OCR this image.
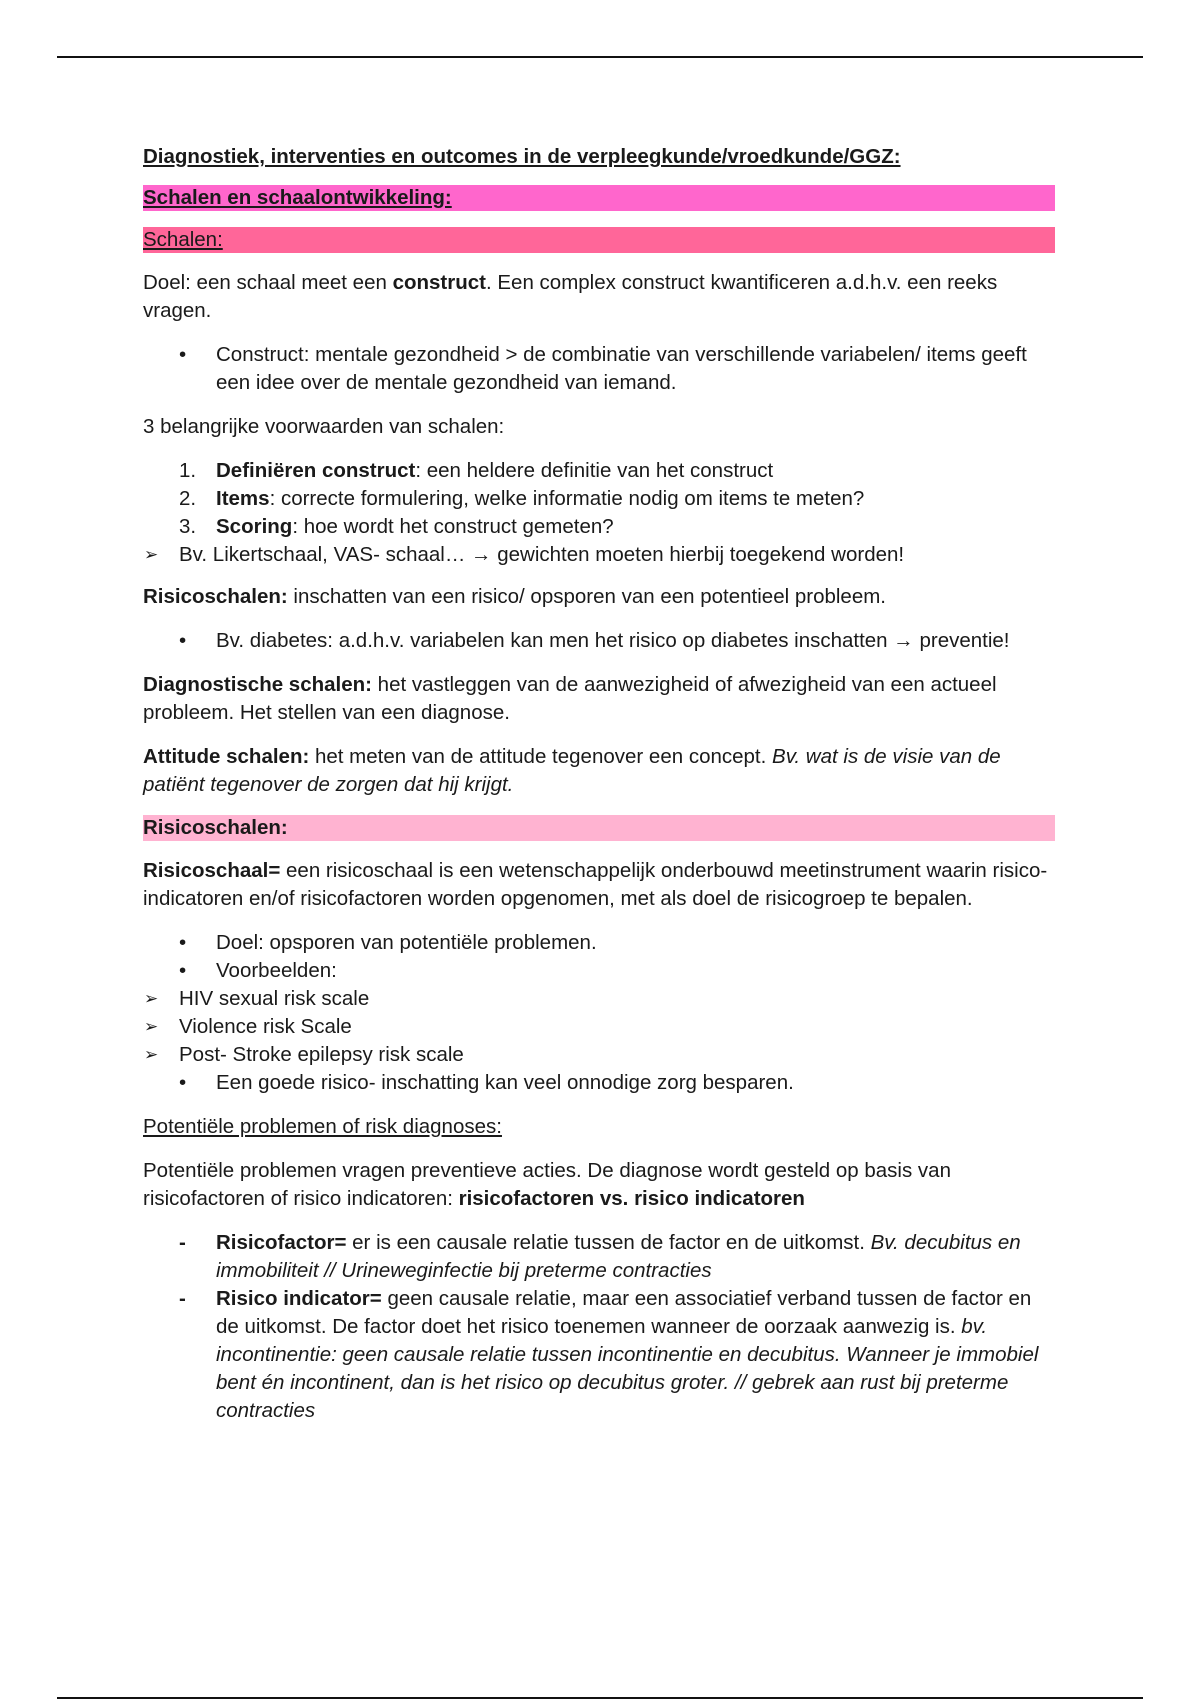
Diagnostiek, interventies en outcomes in de verpleegkunde/vroedkunde/GGZ:

Schalen en schaalontwikkeling:
Schalen:

Doel: een schaal meet een construct. Een complex construct kwantificeren a.d.h.v. een reeks vragen.

• Construct: mentale gezondheid > de combinatie van verschillende variabelen/ items geeft een idee over de mentale gezondheid van iemand.

3 belangrijke voorwaarden van schalen:

1. Definiëren construct: een heldere definitie van het construct
2. Items: correcte formulering, welke informatie nodig om items te meten?
3. Scoring: hoe wordt het construct gemeten?
➢ Bv. Likertschaal, VAS- schaal… → gewichten moeten hierbij toegekend worden!

Risicoschalen: inschatten van een risico/ opsporen van een potentieel probleem.

• Bv. diabetes: a.d.h.v. variabelen kan men het risico op diabetes inschatten → preventie!

Diagnostische schalen: het vastleggen van de aanwezigheid of afwezigheid van een actueel probleem. Het stellen van een diagnose.

Attitude schalen: het meten van de attitude tegenover een concept. Bv. wat is de visie van de patiënt tegenover de zorgen dat hij krijgt.

Risicoschalen:

Risicoschaal= een risicoschaal is een wetenschappelijk onderbouwd meetinstrument waarin risico- indicatoren en/of risicofactoren worden opgenomen, met als doel de risicogroep te bepalen.

• Doel: opsporen van potentiële problemen.
• Voorbeelden:
➢ HIV sexual risk scale
➢ Violence risk Scale
➢ Post- Stroke epilepsy risk scale
• Een goede risico- inschatting kan veel onnodige zorg besparen.

Potentiële problemen of risk diagnoses:

Potentiële problemen vragen preventieve acties. De diagnose wordt gesteld op basis van risicofactoren of risico indicatoren: risicofactoren vs. risico indicatoren

- Risicofactor= er is een causale relatie tussen de factor en de uitkomst. Bv. decubitus en immobiliteit // Urineweginfectie bij preterme contracties
- Risico indicator= geen causale relatie, maar een associatief verband tussen de factor en de uitkomst. De factor doet het risico toenemen wanneer de oorzaak aanwezig is. bv. incontinentie: geen causale relatie tussen incontinentie en decubitus. Wanneer je immobiel bent én incontinent, dan is het risico op decubitus groter. // gebrek aan rust bij preterme contracties
